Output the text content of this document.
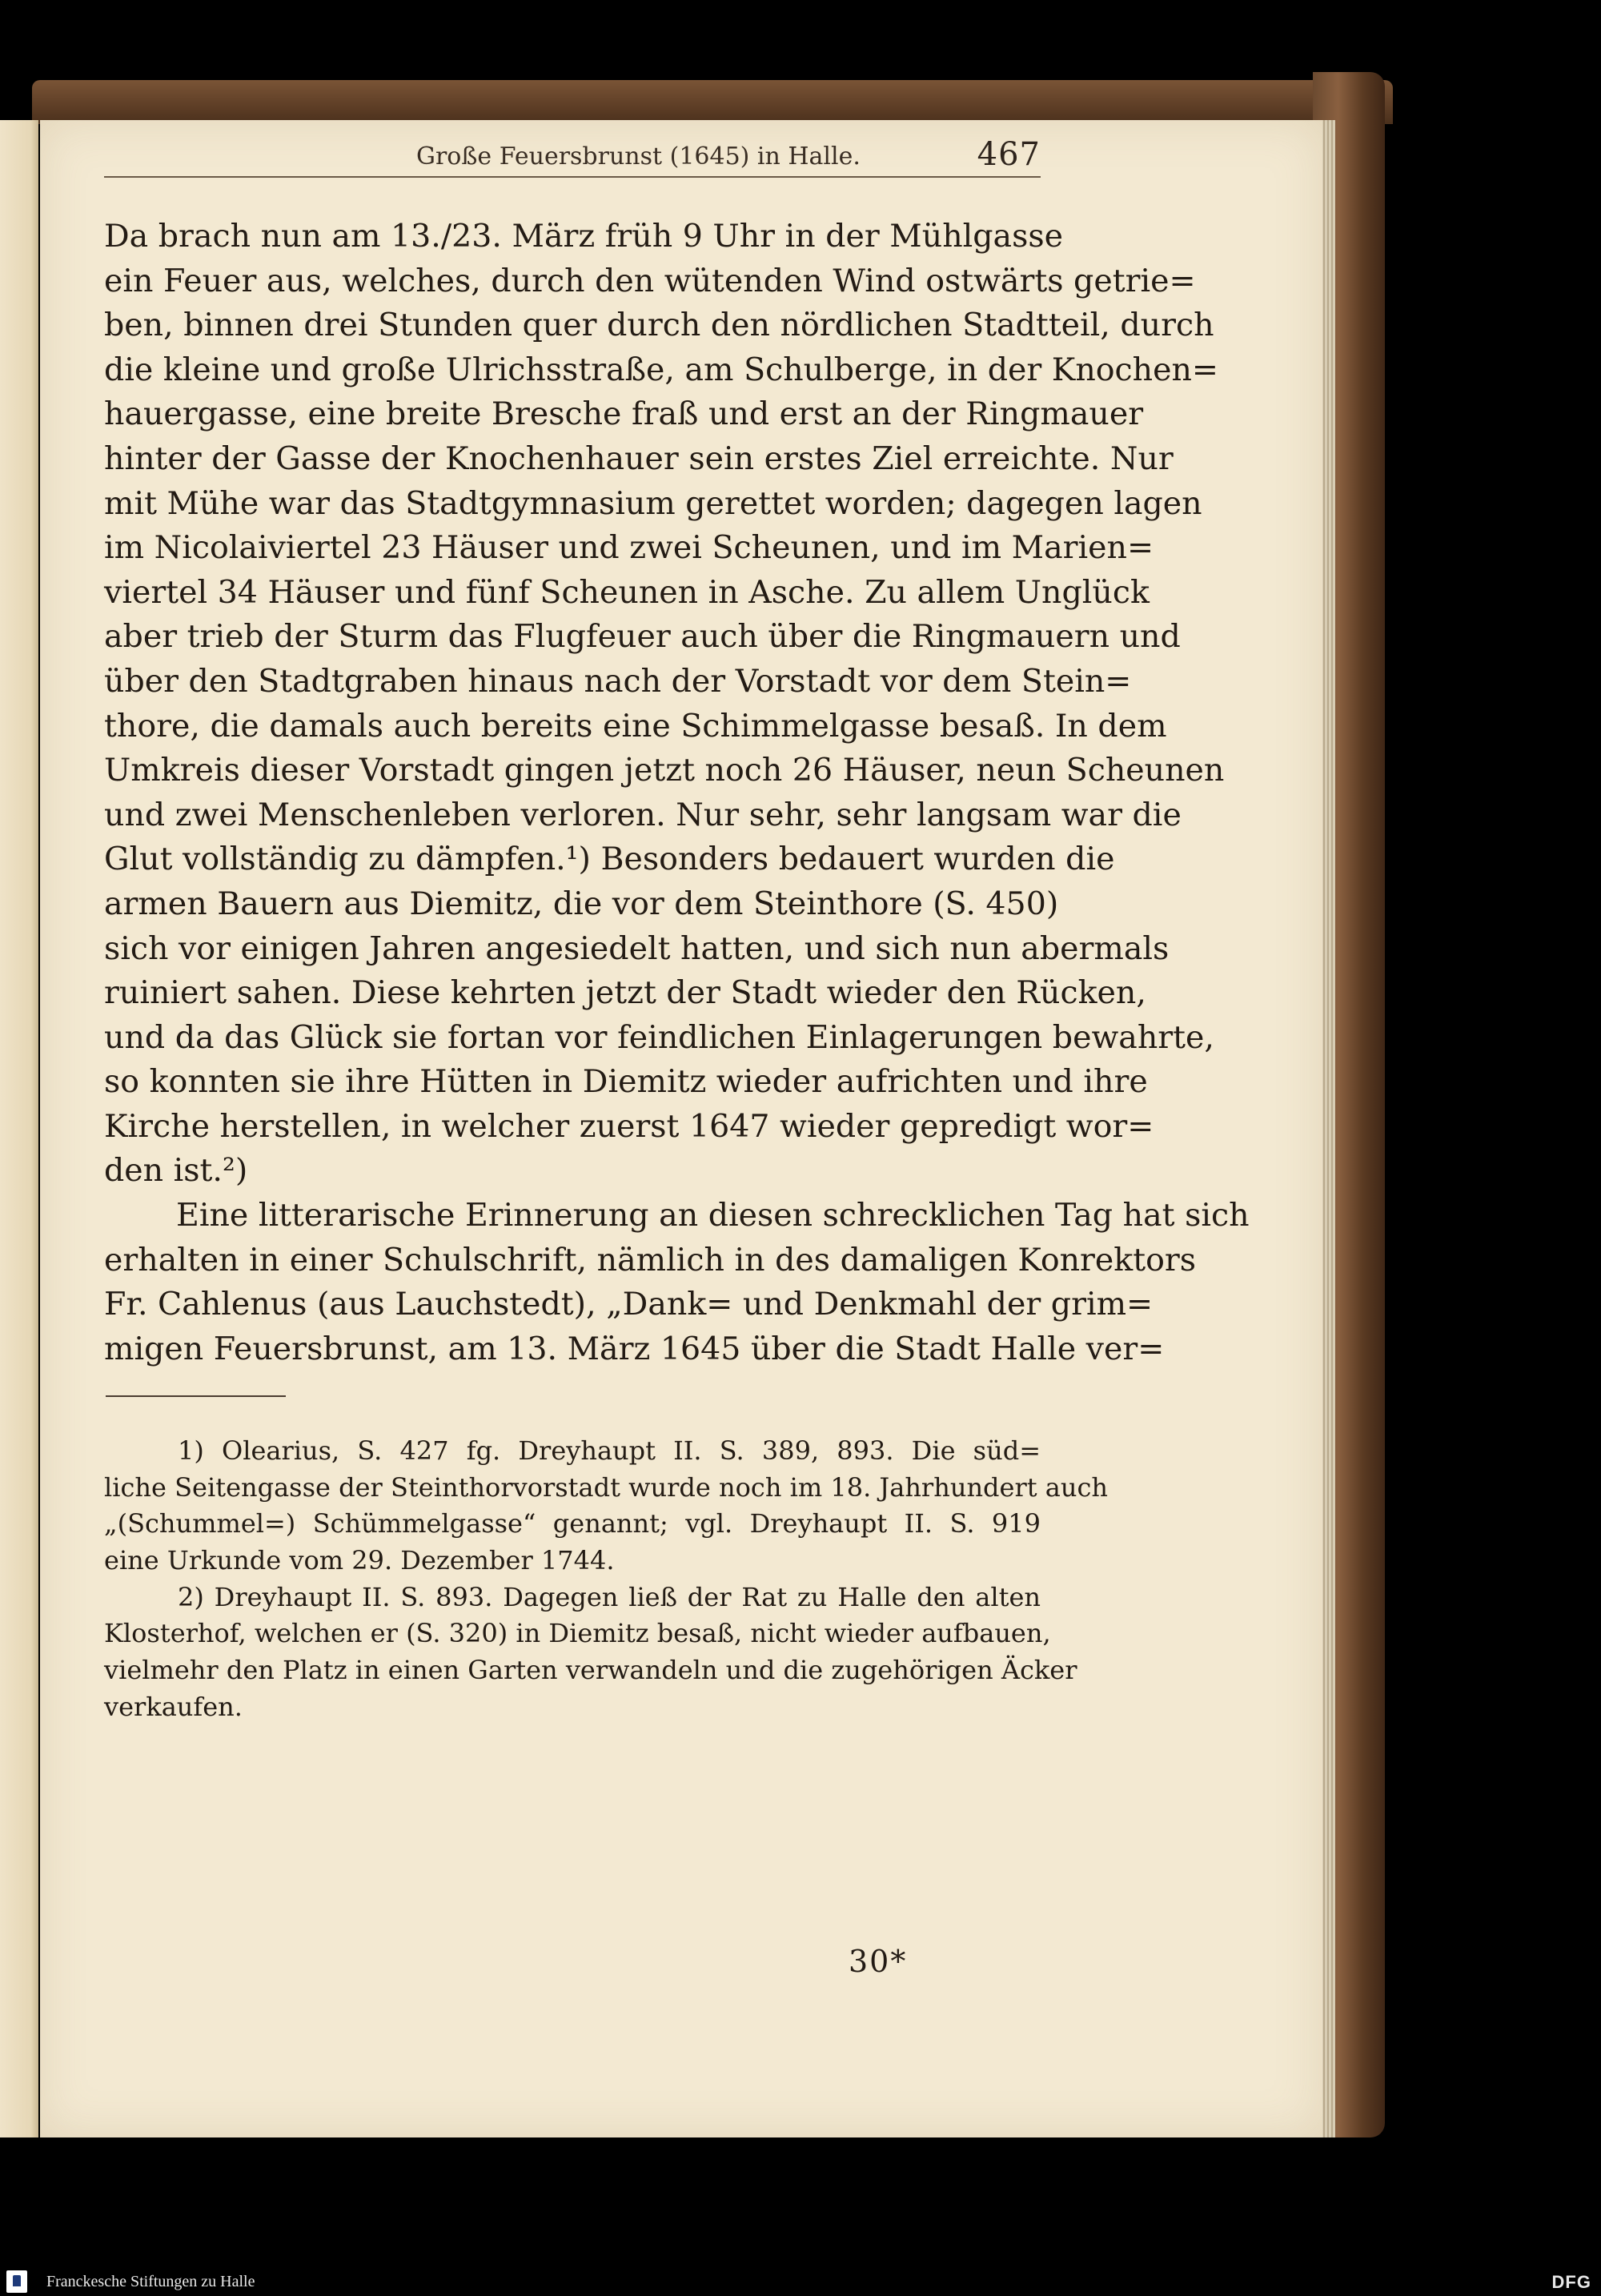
Große Feuersbrunst (1645) in Halle.	467
Da brach nun am 13./23. März früh 9 Uhr in der Mühlgasse
ein Feuer aus, welches, durch den wütenden Wind ostwärts getrie=
ben, binnen drei Stunden quer durch den nördlichen Stadtteil, durch
die kleine und große Ulrichsstraße, am Schulberge, in der Knochen=
hauergasse, eine breite Bresche fraß und erst an der Ringmauer
hinter der Gasse der Knochenhauer sein erstes Ziel erreichte. Nur
mit Mühe war das Stadtgymnasium gerettet worden; dagegen lagen
im Nicolaiviertel 23 Häuser und zwei Scheunen, und im Marien=
viertel 34 Häuser und fünf Scheunen in Asche. Zu allem Unglück
aber trieb der Sturm das Flugfeuer auch über die Ringmauern und
über den Stadtgraben hinaus nach der Vorstadt vor dem Stein=
thore, die damals auch bereits eine Schimmelgasse besaß. In dem
Umkreis dieser Vorstadt gingen jetzt noch 26 Häuser, neun Scheunen
und zwei Menschenleben verloren. Nur sehr, sehr langsam war die
Glut vollständig zu dämpfen.¹) Besonders bedauert wurden die
armen Bauern aus Diemitz, die vor dem Steinthore (S. 450)
sich vor einigen Jahren angesiedelt hatten, und sich nun abermals
ruiniert sahen. Diese kehrten jetzt der Stadt wieder den Rücken,
und da das Glück sie fortan vor feindlichen Einlagerungen bewahrte,
so konnten sie ihre Hütten in Diemitz wieder aufrichten und ihre
Kirche herstellen, in welcher zuerst 1647 wieder gepredigt wor=
den ist.²)
Eine litterarische Erinnerung an diesen schrecklichen Tag hat sich
erhalten in einer Schulschrift, nämlich in des damaligen Konrektors
Fr. Cahlenus (aus Lauchstedt), „Dank= und Denkmahl der grim=
migen Feuersbrunst, am 13. März 1645 über die Stadt Halle ver=
1) Olearius, S. 427 fg. Dreyhaupt II. S. 389, 893. Die süd=
liche Seitengasse der Steinthorvorstadt wurde noch im 18. Jahrhundert auch
„(Schummel=) Schümmelgasse“ genannt; vgl. Dreyhaupt II. S. 919
eine Urkunde vom 29. Dezember 1744.
2) Dreyhaupt II. S. 893. Dagegen ließ der Rat zu Halle den alten
Klosterhof, welchen er (S. 320) in Diemitz besaß, nicht wieder aufbauen,
vielmehr den Platz in einen Garten verwandeln und die zugehörigen Äcker
verkaufen.
30*
Franckesche Stiftungen zu Halle	DFG
